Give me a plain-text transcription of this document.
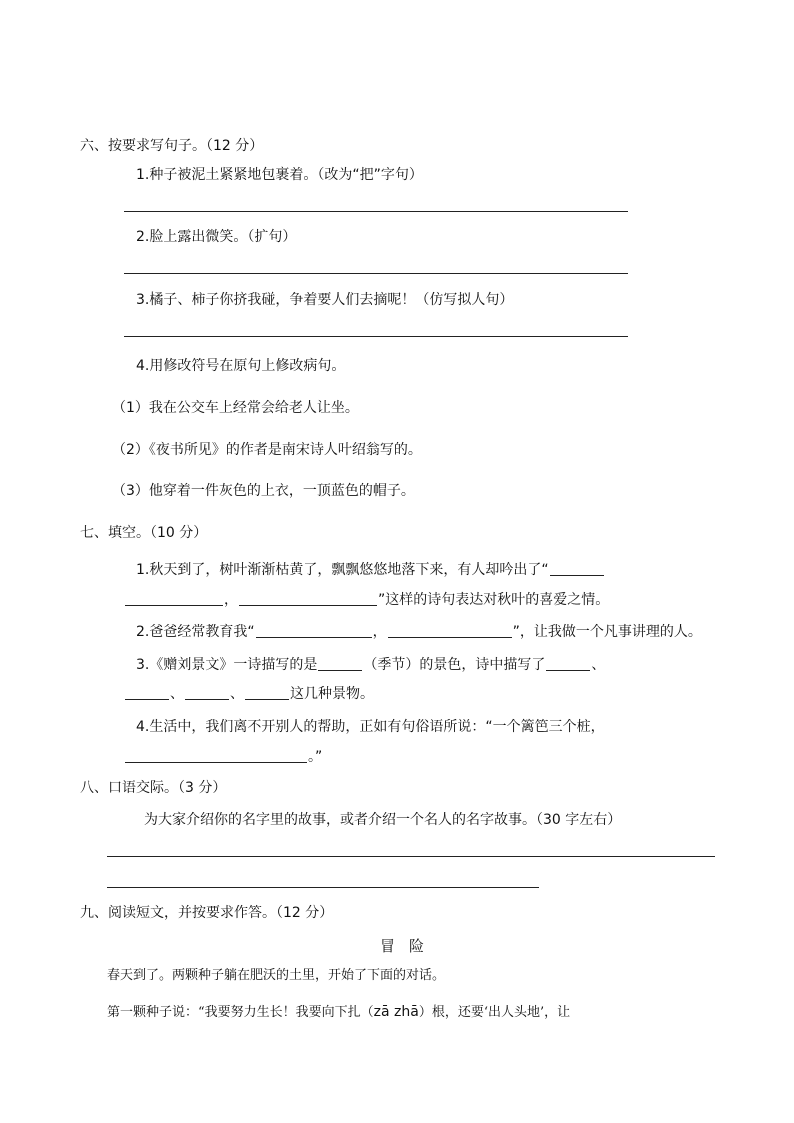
六、按要求写句子。（12 分）
1.种子被泥土紧紧地包裹着。（改为“把”字句）
2.脸上露出微笑。（扩句）
3.橘子、柿子你挤我碰，争着要人们去摘呢！（仿写拟人句）
4.用修改符号在原句上修改病句。
（1）我在公交车上经常会给老人让坐。
（2）《夜书所见》的作者是南宋诗人叶绍翁写的。
（3）他穿着一件灰色的上衣，一顶蓝色的帽子。
七、填空。（10 分）
1.秋天到了，树叶渐渐枯黄了，飘飘悠悠地落下来，有人却吟出了“
，	”这样的诗句表达对秋叶的喜爱之情。
2.爸爸经常教育我“	，	”，让我做一个凡事讲理的人。
3.《赠刘景文》一诗描写的是	（季节）的景色，诗中描写了	、
、	、	这几种景物。
4.生活中，我们离不开别人的帮助，正如有句俗语所说：“一个篱笆三个桩，
。”
八、口语交际。（3 分）
为大家介绍你的名字里的故事，或者介绍一个名人的名字故事。（30 字左右）
九、阅读短文，并按要求作答。（12 分）
冒险
春天到了。两颗种子躺在肥沃的土里，开始了下面的对话。
第一颗种子说：“我要努力生长！我要向下扎（zā zhā）根，还要‘出人头地’，让
